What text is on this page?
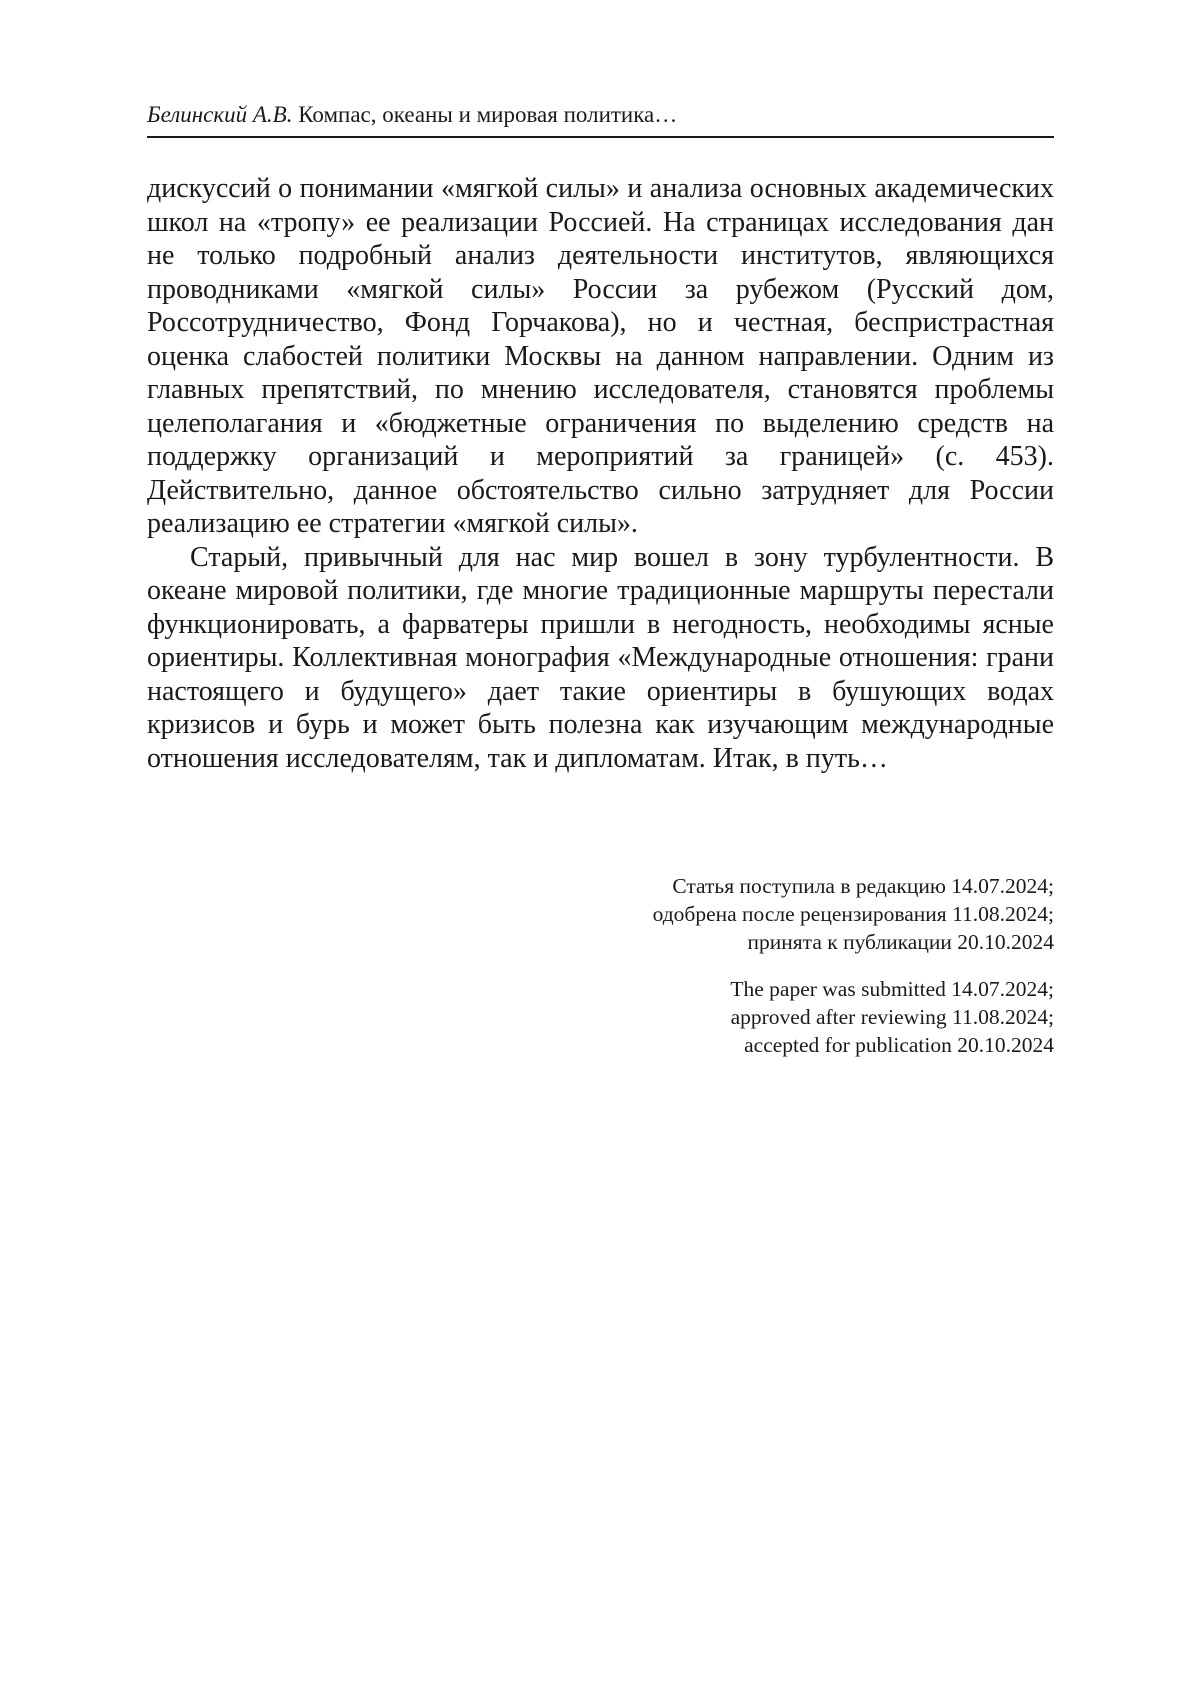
Белинский А.В. Компас, океаны и мировая политика…

дискуссий о понимании «мягкой силы» и анализа основных академических школ на «тропу» ее реализации Россией. На страницах исследования дан не только подробный анализ деятельности институтов, являющихся проводниками «мягкой силы» России за рубежом (Русский дом, Россотрудничество, Фонд Горчакова), но и честная, беспристрастная оценка слабостей политики Москвы на данном направлении. Одним из главных препятствий, по мнению исследователя, становятся проблемы целеполагания и «бюджетные ограничения по выделению средств на поддержку организаций и мероприятий за границей» (с. 453). Действительно, данное обстоятельство сильно затрудняет для России реализацию ее стратегии «мягкой силы».

Старый, привычный для нас мир вошел в зону турбулентности. В океане мировой политики, где многие традиционные маршруты перестали функционировать, а фарватеры пришли в негодность, необходимы ясные ориентиры. Коллективная монография «Международные отношения: грани настоящего и будущего» дает такие ориентиры в бушующих водах кризисов и бурь и может быть полезна как изучающим международные отношения исследователям, так и дипломатам. Итак, в путь…

Статья поступила в редакцию 14.07.2024;
одобрена после рецензирования 11.08.2024;
принята к публикации 20.10.2024
The paper was submitted 14.07.2024;
approved after reviewing 11.08.2024;
accepted for publication 20.10.2024
